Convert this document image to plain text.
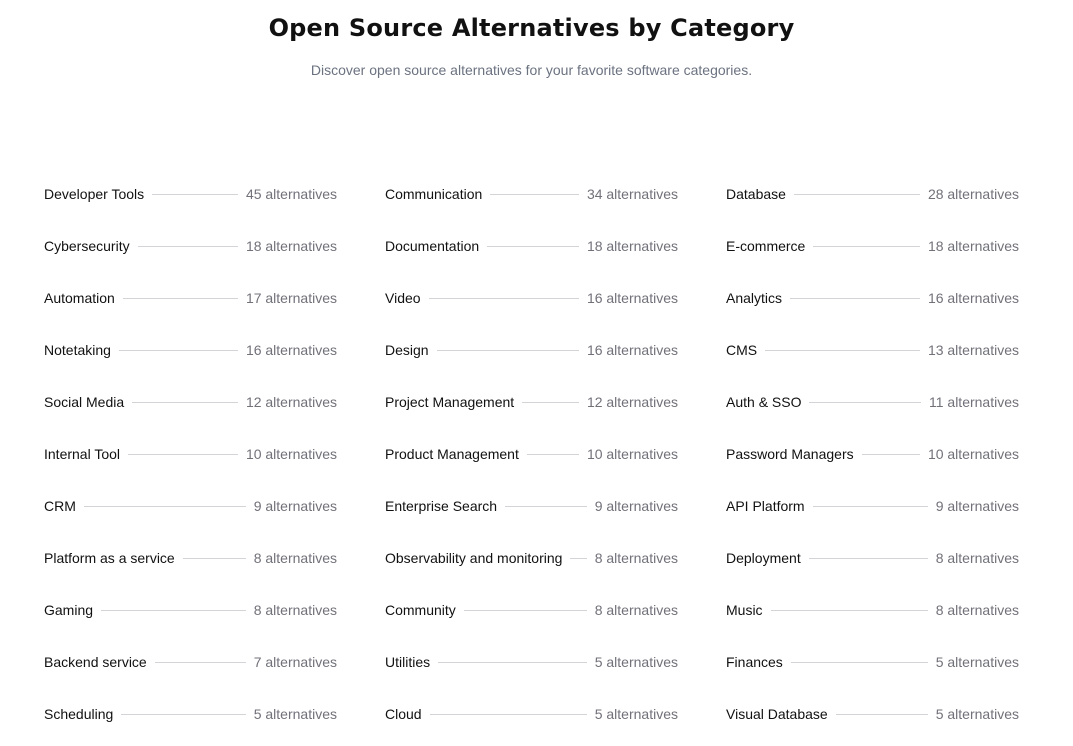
Open Source Alternatives by Category

Discover open source alternatives for your favorite software categories.

Developer Tools	45 alternatives	Communication	34 alternatives	Database	28 alternatives
Cybersecurity	18 alternatives	Documentation	18 alternatives	E-commerce	18 alternatives
Automation	17 alternatives	Video	16 alternatives	Analytics	16 alternatives
Notetaking	16 alternatives	Design	16 alternatives	CMS	13 alternatives
Social Media	12 alternatives	Project Management	12 alternatives	Auth & SSO	11 alternatives
Internal Tool	10 alternatives	Product Management	10 alternatives	Password Managers	10 alternatives
CRM	9 alternatives	Enterprise Search	9 alternatives	API Platform	9 alternatives
Platform as a service	8 alternatives	Observability and monitoring 8 alternatives	Deployment	8 alternatives
Gaming	8 alternatives	Community	8 alternatives	Music	8 alternatives
Backend service	7 alternatives	Utilities	5 alternatives	Finances	5 alternatives
Scheduling	5 alternatives	Cloud	5 alternatives	Visual Database	5 alternatives
